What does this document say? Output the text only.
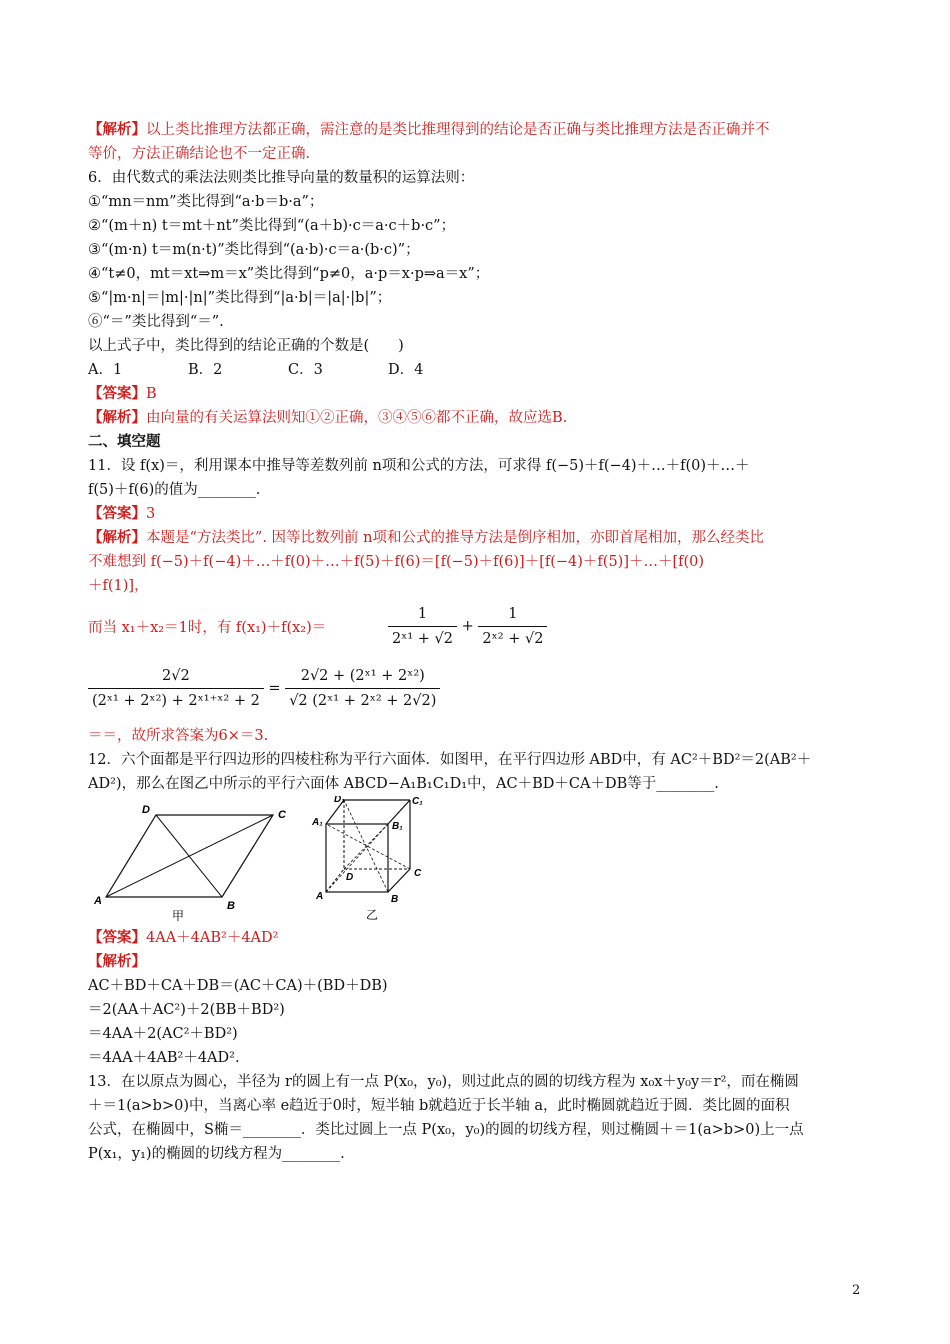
【解析】以上类比推理方法都正确，需注意的是类比推理得到的结论是否正确与类比推理方法是否正确并不
等价，方法正确结论也不一定正确.
6．由代数式的乘法法则类比推导向量的数量积的运算法则：
①“mn＝nm”类比得到“a·b＝b·a”；
②“(m＋n) t＝mt＋nt”类比得到“(a＋b)·c＝a·c＋b·c”；
③“(m·n) t＝m(n·t)”类比得到“(a·b)·c＝a·(b·c)”；
④“t≠0，mt＝xt⇒m＝x”类比得到“p≠0，a·p＝x·p⇒a＝x”；
⑤“|m·n|＝|m|·|n|”类比得到“|a·b|＝|a|·|b|”；
⑥“＝”类比得到“＝”.
以上式子中，类比得到的结论正确的个数是(　　)
A．1	B．2	C．3	D．4
【答案】B
【解析】由向量的有关运算法则知①②正确，③④⑤⑥都不正确，故应选B.
二、填空题
11．设 f(x)＝，利用课本中推导等差数列前 n项和公式的方法，可求得 f(−5)＋f(−4)＋…＋f(0)＋…＋
f(5)＋f(6)的值为________.
【答案】3
【解析】本题是“方法类比”. 因等比数列前 n项和公式的推导方法是倒序相加，亦即首尾相加，那么经类比
不难想到 f(−5)＋f(−4)＋…＋f(0)＋…＋f(5)＋f(6)＝[f(−5)＋f(6)]＋[f(−4)＋f(5)]＋…＋[f(0)
＋f(1)]，
而当 x₁＋x₂＝1时，有 f(x₁)＋f(x₂)＝	$\frac{1}{\text{2ˣ¹ + √2}} + \frac{1}{\text{2ˣ² + √2}}$
$\frac{2√2}{\text{(2ˣ¹ + 2ˣ²) + 2ˣ¹⁺ˣ² + 2}} = \frac{\text{2√2 + (2ˣ¹ + 2ˣ²)}}{\text{√2 (2ˣ¹ + 2ˣ² + 2√2)}}$
＝＝，故所求答案为6×＝3.
12．六个面都是平行四边形的四棱柱称为平行六面体．如图甲，在平行四边形 ABD中，有 AC²＋BD²＝2(AB²＋
AD²)，那么在图乙中所示的平行六面体 ABCD−A₁B₁C₁D₁中，AC＋BD＋CA＋DB等于________.
A	B
C
D
甲
A	B
C
D
A₁	B₁
C₁
D₁
乙
【答案】4AA＋4AB²＋4AD²
【解析】
AC＋BD＋CA＋DB＝(AC＋CA)＋(BD＋DB)
＝2(AA＋AC²)＋2(BB＋BD²)
＝4AA＋2(AC²＋BD²)
＝4AA＋4AB²＋4AD².
13．在以原点为圆心，半径为 r的圆上有一点 P(x₀，y₀)，则过此点的圆的切线方程为 x₀x＋y₀y＝r²，而在椭圆
＋＝1(a>b>0)中，当离心率 e趋近于0时，短半轴 b就趋近于长半轴 a，此时椭圆就趋近于圆．类比圆的面积
公式，在椭圆中，S椭＝________．类比过圆上一点 P(x₀，y₀)的圆的切线方程，则过椭圆＋＝1(a>b>0)上一点
P(x₁，y₁)的椭圆的切线方程为________.
2
